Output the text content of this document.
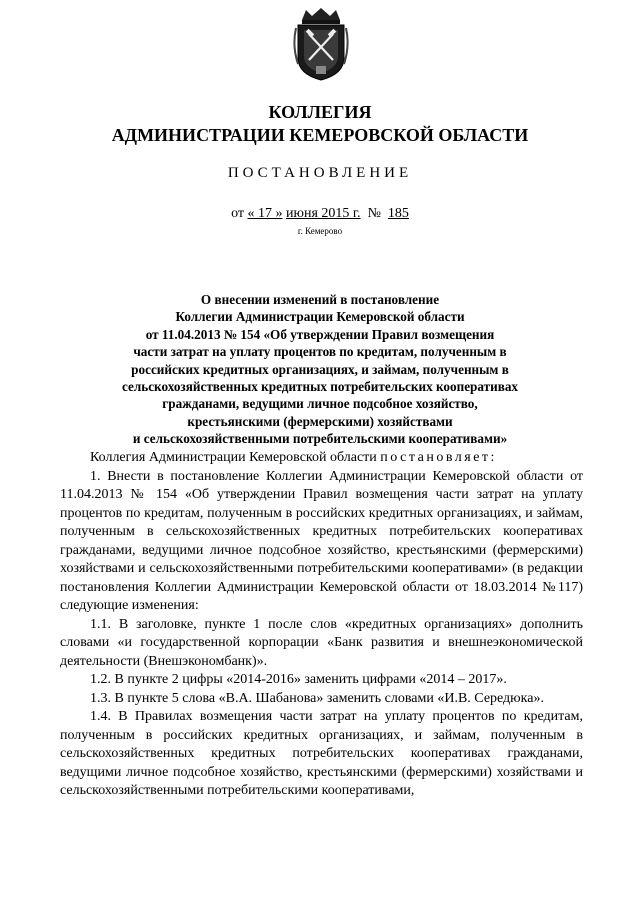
КОЛЛЕГИЯ
АДМИНИСТРАЦИИ КЕМЕРОВСКОЙ ОБЛАСТИ
ПОСТАНОВЛЕНИЕ
от « 17 » июня 2015 г. № 185
г. Кемерово
О внесении изменений в постановление
Коллегии Администрации Кемеровской области
от 11.04.2013 № 154 «Об утверждении Правил возмещения
части затрат на уплату процентов по кредитам, полученным в
российских кредитных организациях, и займам, полученным в
сельскохозяйственных кредитных потребительских кооперативах
гражданами, ведущими личное подсобное хозяйство,
крестьянскими (фермерскими) хозяйствами
и сельскохозяйственными потребительскими кооперативами»

Коллегия Администрации Кемеровской области постановляет:

1. Внести в постановление Коллегии Администрации Кемеровской области от 11.04.2013 № 154 «Об утверждении Правил возмещения части затрат на уплату процентов по кредитам, полученным в российских кредитных организациях, и займам, полученным в сельскохозяйственных кредитных потребительских кооперативах гражданами, ведущими личное подсобное хозяйство, крестьянскими (фермерскими) хозяйствами и сельскохозяйственными потребительскими кооперативами» (в редакции постановления Коллегии Администрации Кемеровской области от 18.03.2014 №117) следующие изменения:

1.1. В заголовке, пункте 1 после слов «кредитных организациях» дополнить словами «и государственной корпорации «Банк развития и внешнеэкономической деятельности (Внешэкономбанк)».

1.2. В пункте 2 цифры «2014-2016» заменить цифрами «2014 – 2017».

1.3. В пункте 5 слова «В.А. Шабанова» заменить словами «И.В. Середюка».

1.4. В Правилах возмещения части затрат на уплату процентов по кредитам, полученным в российских кредитных организациях, и займам, полученным в сельскохозяйственных кредитных потребительских кооперативах гражданами, ведущими личное подсобное хозяйство, крестьянскими (фермерскими) хозяйствами и сельскохозяйственными потребительскими кооперативами,
